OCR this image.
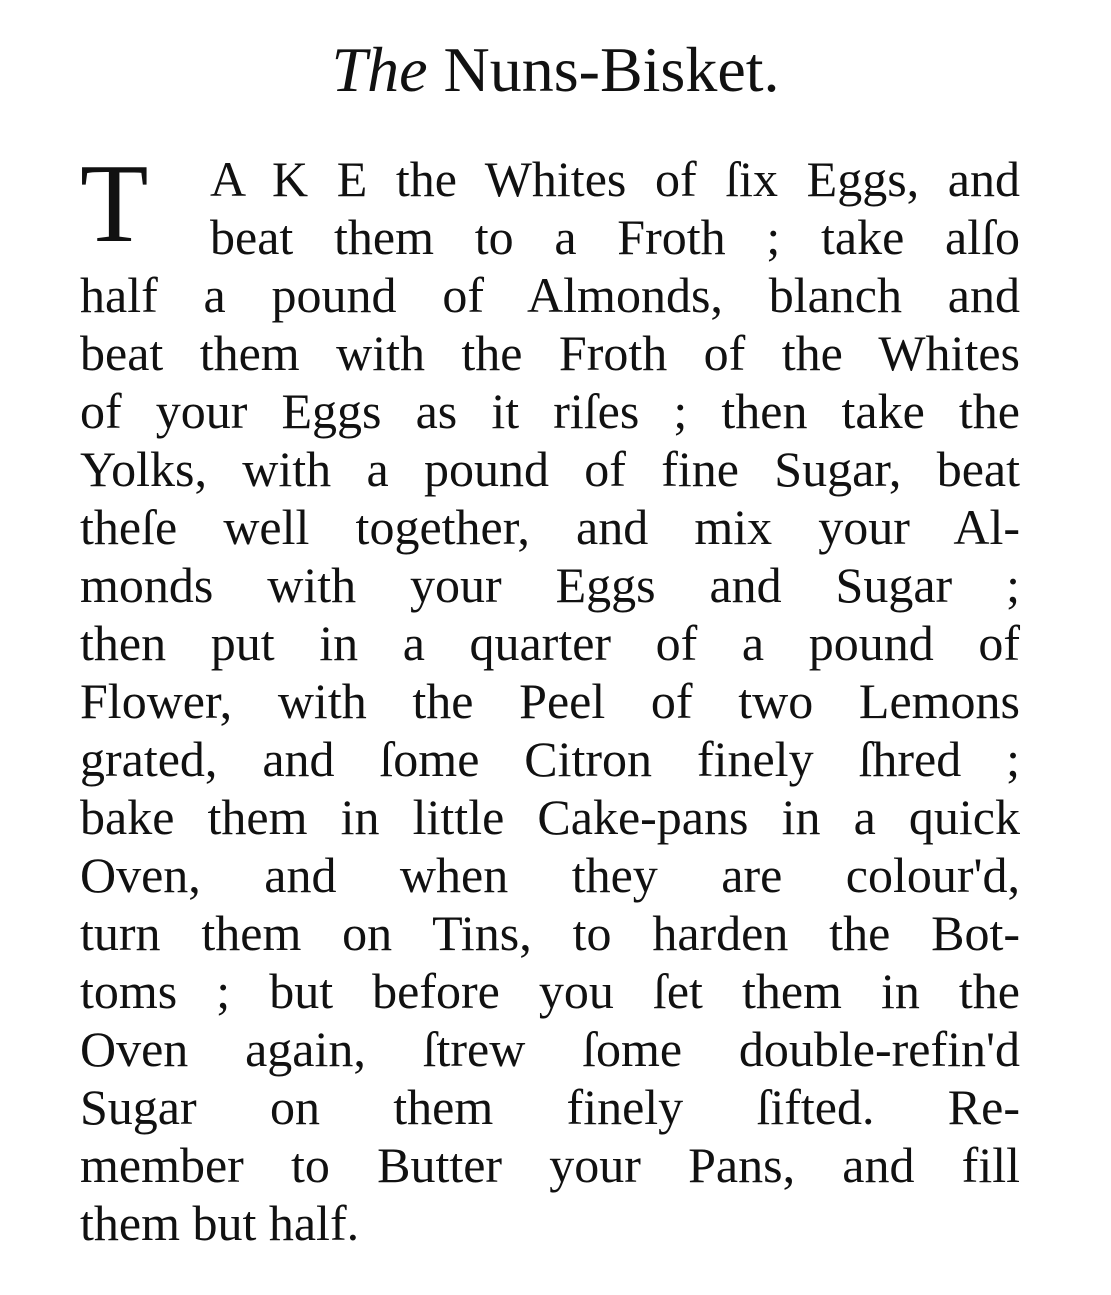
The Nuns-Bisket.
T	A K E the Whites of ſix Eggs, and
beat them to a Froth ; take alſo
half a pound of Almonds, blanch and
beat them with the Froth of the Whites
of your Eggs as it riſes ; then take the
Yolks, with a pound of fine Sugar, beat
theſe well together, and mix your Al-
monds with your Eggs and Sugar ;
then put in a quarter of a pound of
Flower, with the Peel of two Lemons
grated, and ſome Citron finely ſhred ;
bake them in little Cake-pans in a quick
Oven, and when they are colour'd,
turn them on Tins, to harden the Bot-
toms ; but before you ſet them in the
Oven again, ſtrew ſome double-refin'd
Sugar on them finely ſifted. Re-
member to Butter your Pans, and fill
them but half.
